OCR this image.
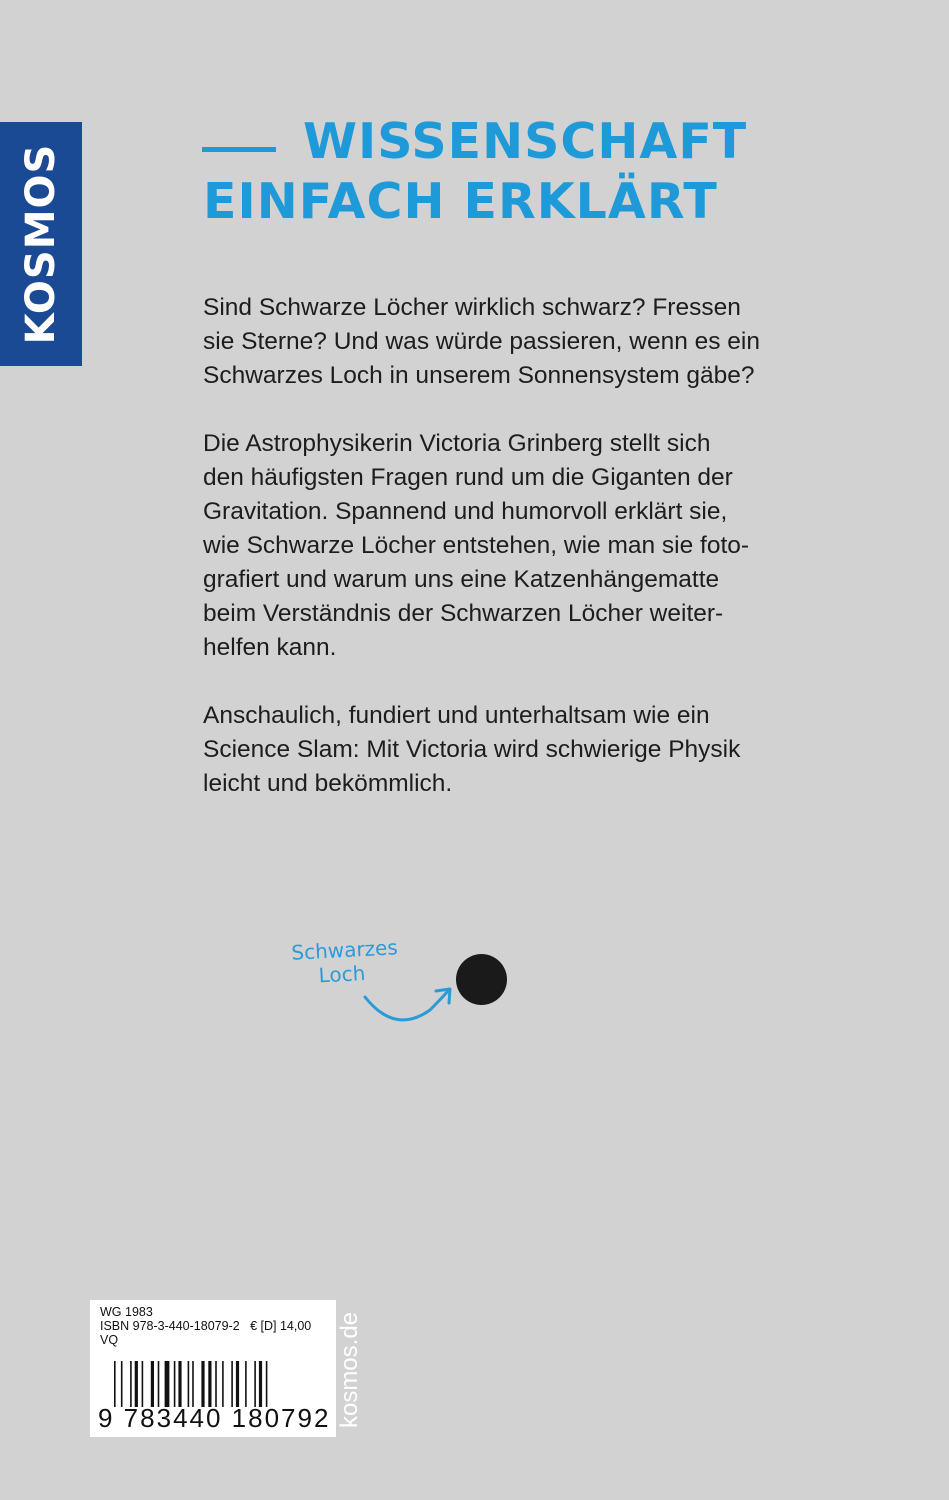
KOSMOS
WISSENSCHAFT
EINFACH ERKLÄRT

Sind Schwarze Löcher wirklich schwarz? Fressen
sie Sterne? Und was würde passieren, wenn es ein
Schwarzes Loch in unserem Sonnensystem gäbe?

Die Astrophysikerin Victoria Grinberg stellt sich
den häufigsten Fragen rund um die Giganten der
Gravitation. Spannend und humorvoll erklärt sie,
wie Schwarze Löcher entstehen, wie man sie foto-
grafiert und warum uns eine Katzenhängematte
beim Verständnis der Schwarzen Löcher weiter-
helfen kann.

Anschaulich, fundiert und unterhaltsam wie ein
Science Slam: Mit Victoria wird schwierige Physik
leicht und bekömmlich.

Schwarzes
Loch
WG 1983
ISBN 978-3-440-18079-2 € [D] 14,00
VQ
9 783440 180792 kosmos.de
